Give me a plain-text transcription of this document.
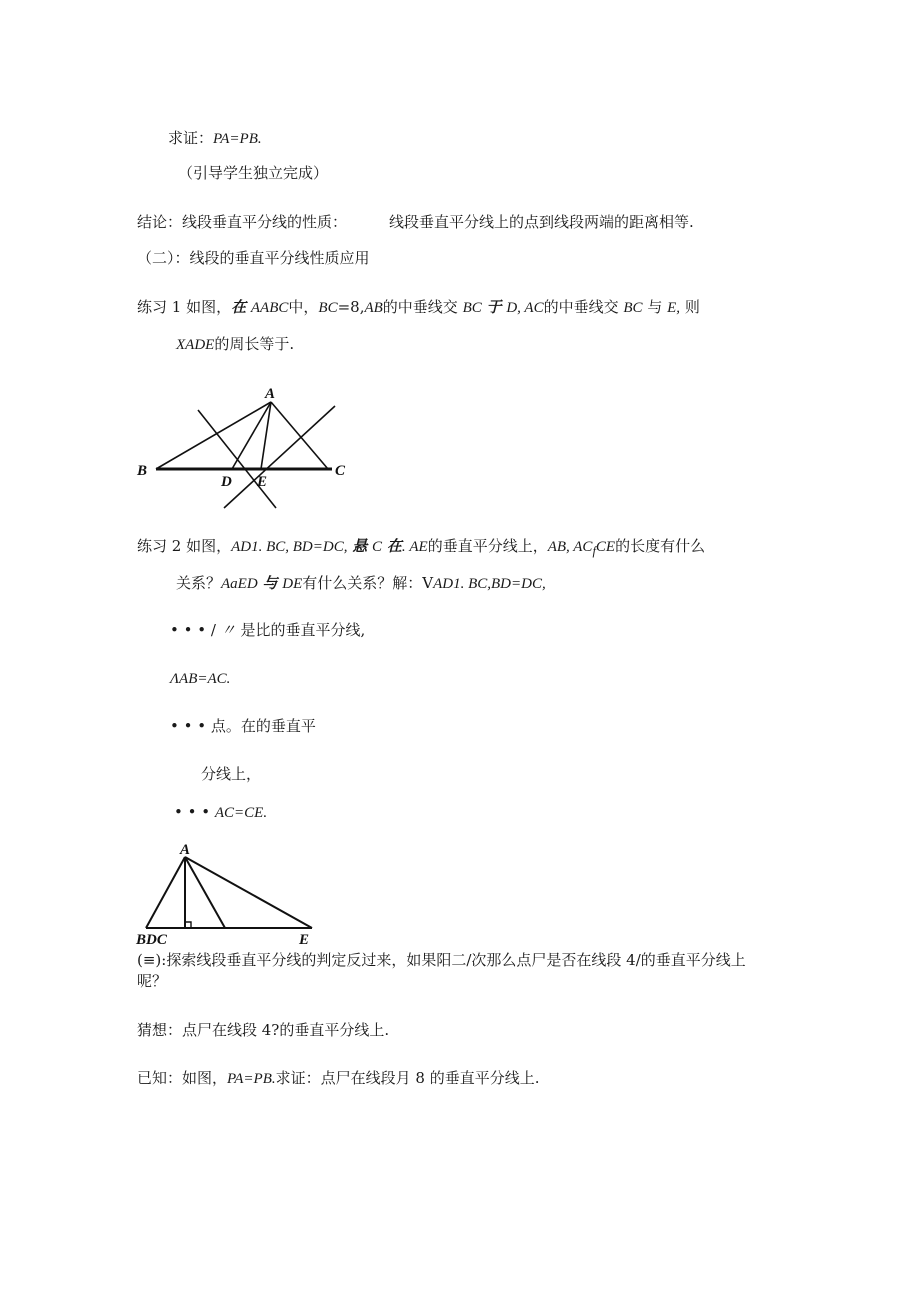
求证：PA=PB.
（引导学生独立完成）
结论：线段垂直平分线的性质：	线段垂直平分线上的点到线段两端的距离相等.
（二）：线段的垂直平分线性质应用
练习 1 如图，在 AABC中，BC=8,AB的中垂线交 BC 于 D, AC的中垂线交 BC 与 E, 则
XADE的周长等于.
A
B	C
D E
练习 2 如图，AD1. BC, BD=DC, 悬 C 在. AE的垂直平分线上，AB, $AC_fCE$的长度有什么
关系？AaED 与 DE有什么关系？解：VAD1. BC,BD=DC,
• • • / 〃 是比的垂直平分线,
ΛAB=AC.
• • • 点。在的垂直平
分线上，
• • • AC=CE.
A
BDC	E
(≡):探索线段垂直平分线的判定反过来，如果阳二/次那么点尸是否在线段 4/的垂直平分线上
呢？
猜想：点尸在线段 4?的垂直平分线上.
已知：如图，PA=PB.求证：点尸在线段月 8 的垂直平分线上.
